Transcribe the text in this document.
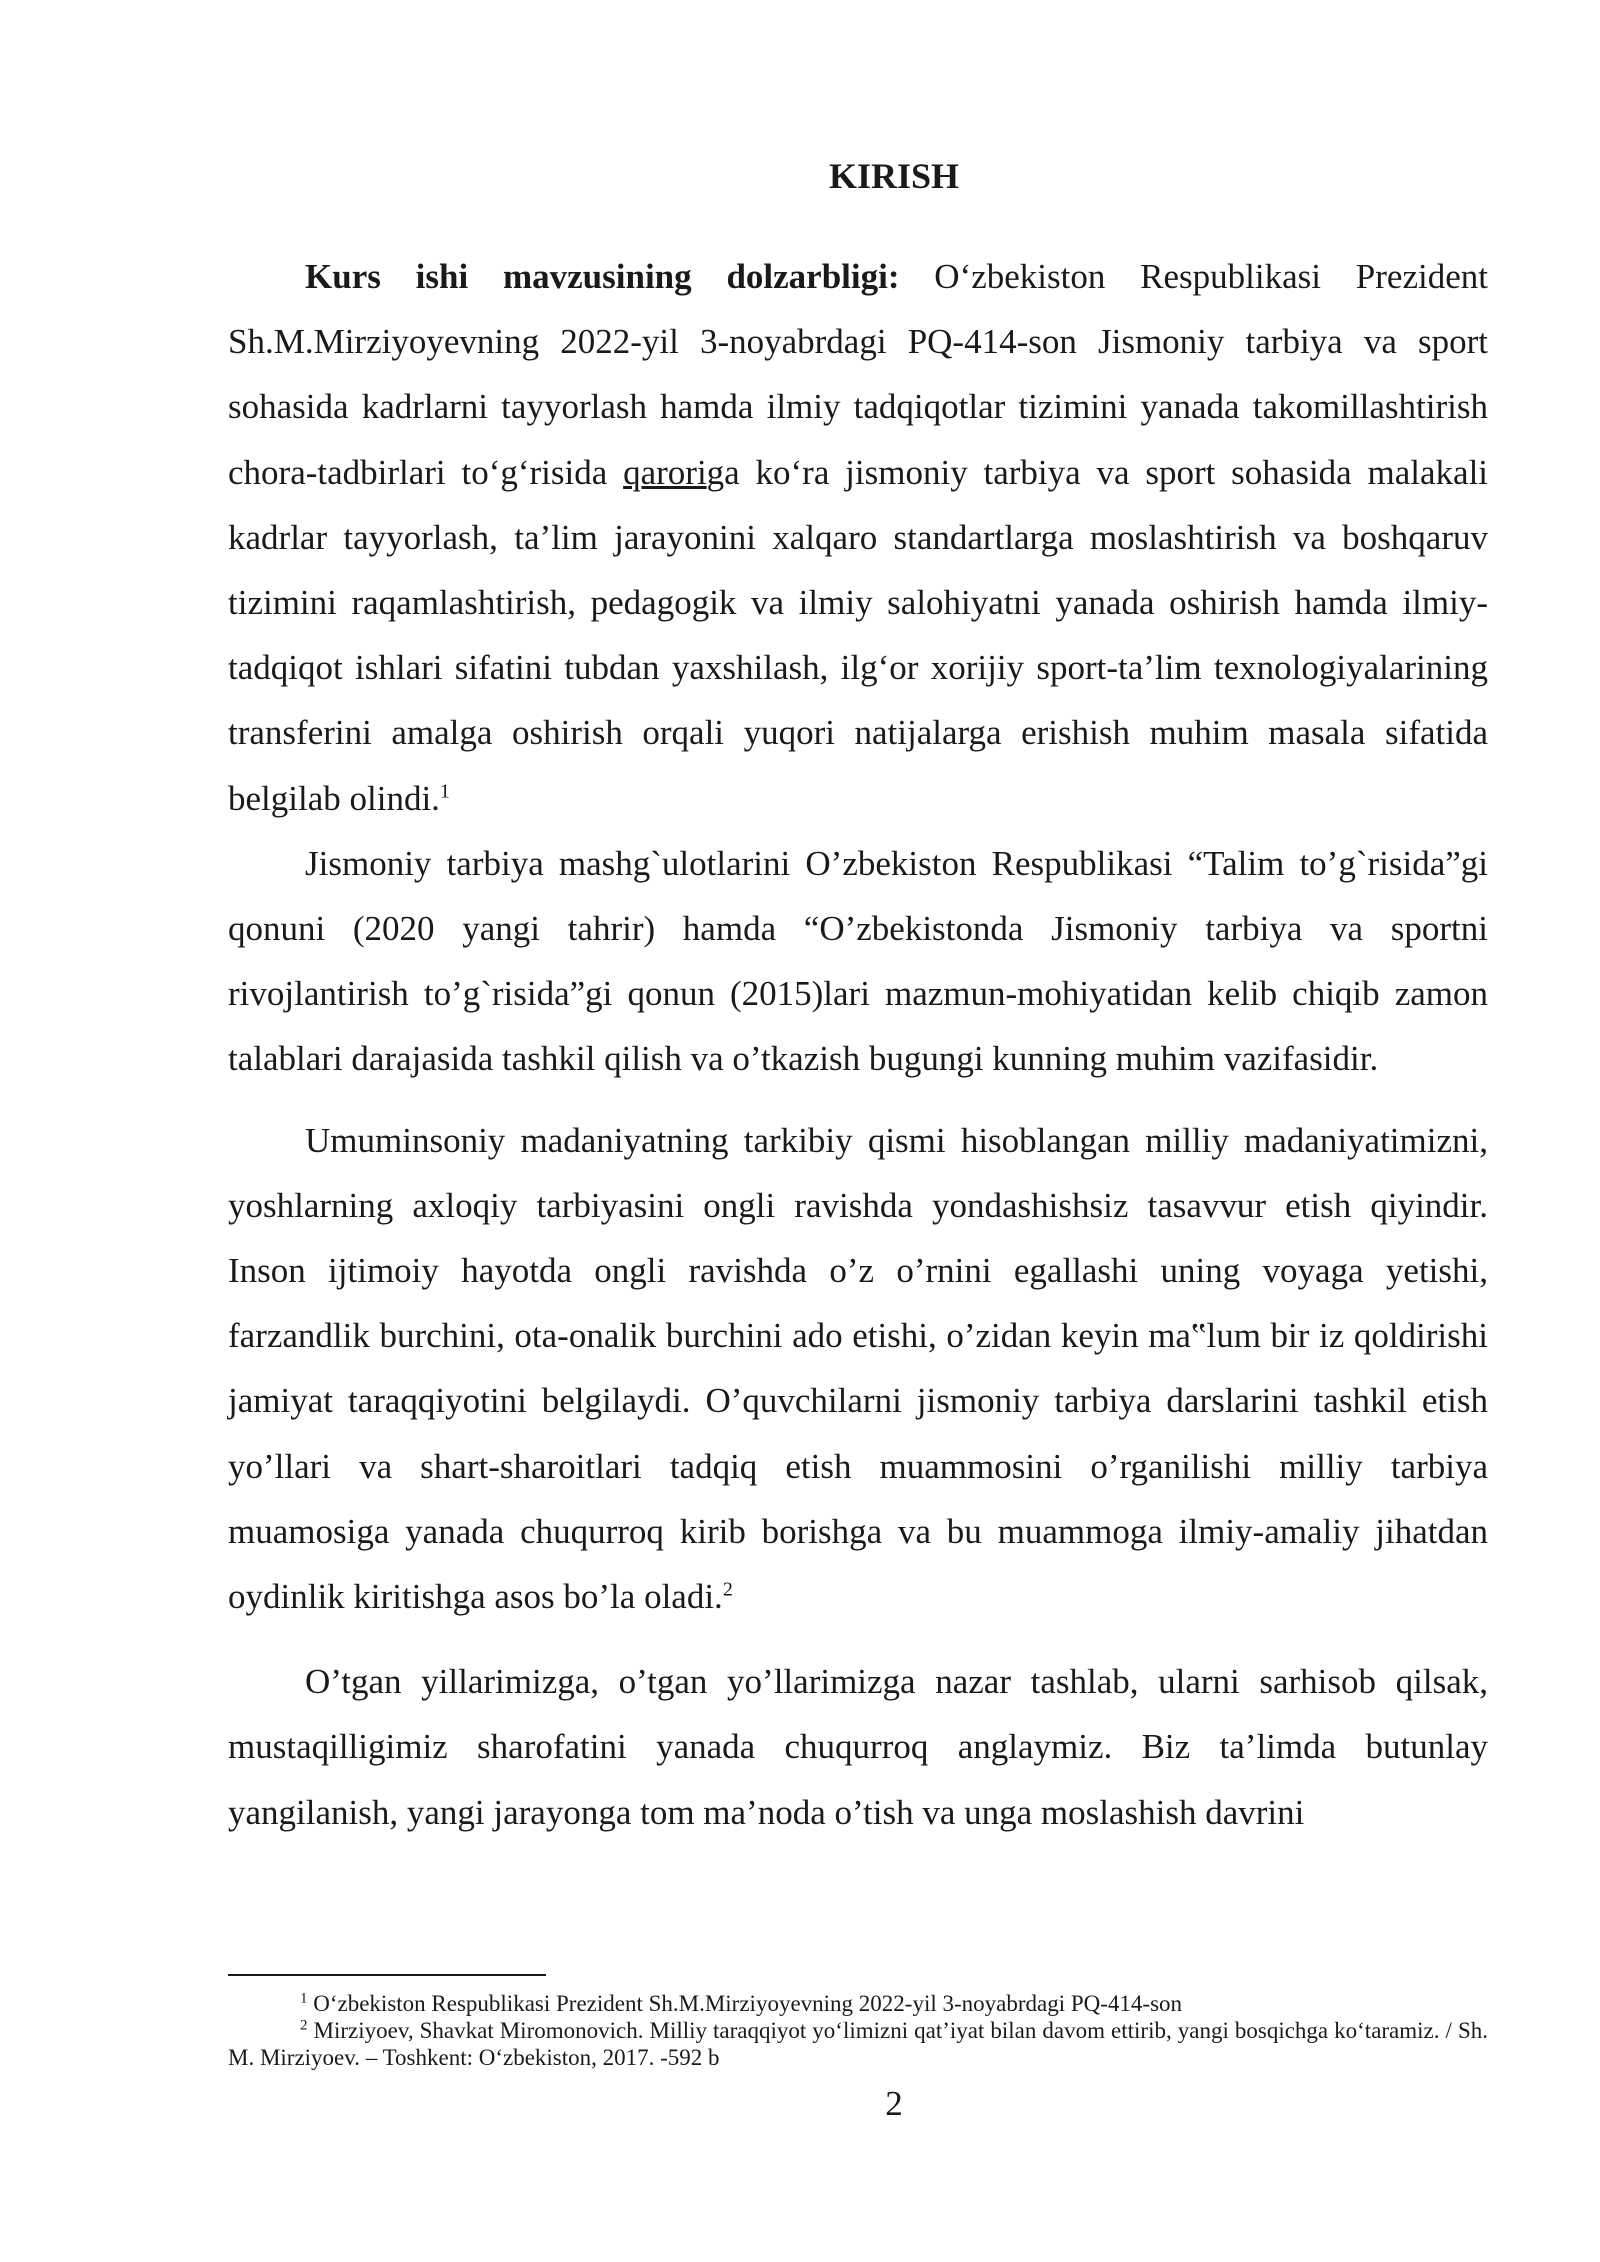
KIRISH

Kurs ishi mavzusining dolzarbligi: O‘zbekiston Respublikasi Prezident Sh.M.Mirziyoyevning 2022-yil 3-noyabrdagi PQ-414-son Jismoniy tarbiya va sport sohasida kadrlarni tayyorlash hamda ilmiy tadqiqotlar tizimini yanada takomillashtirish chora-tadbirlari to‘g‘risida qaroriga ko‘ra jismoniy tarbiya va sport sohasida malakali kadrlar tayyorlash, ta’lim jarayonini xalqaro standartlarga moslashtirish va boshqaruv tizimini raqamlashtirish, pedagogik va ilmiy salohiyatni yanada oshirish hamda ilmiy-tadqiqot ishlari sifatini tubdan yaxshilash, ilg‘or xorijiy sport-ta’lim texnologiyalarining transferini amalga oshirish orqali yuqori natijalarga erishish muhim masala sifatida belgilab olindi.$^1$

Jismoniy tarbiya mashg`ulotlarini O’zbekiston Respublikasi “Talim to’g`risida”gi qonuni (2020 yangi tahrir) hamda “O’zbekistonda Jismoniy tarbiya va sportni rivojlantirish to’g`risida”gi qonun (2015)lari mazmun-mohiyatidan kelib chiqib zamon talablari darajasida tashkil qilish va o’tkazish bugungi kunning muhim vazifasidir.

Umuminsoniy madaniyatning tarkibiy qismi hisoblangan milliy madaniyatimizni, yoshlarning axloqiy tarbiyasini ongli ravishda yondashishsiz tasavvur etish qiyindir. Inson ijtimoiy hayotda ongli ravishda o’z o’rnini egallashi uning voyaga yetishi, farzandlik burchini, ota-onalik burchini ado etishi, o’zidan keyin ma‟lum bir iz qoldirishi jamiyat taraqqiyotini belgilaydi. O’quvchilarni jismoniy tarbiya darslarini tashkil etish yo’llari va shart-sharoitlari tadqiq etish muammosini o’rganilishi milliy tarbiya muamosiga yanada chuqurroq kirib borishga va bu muammoga ilmiy-amaliy jihatdan oydinlik kiritishga asos bo’la oladi.$^2$

O’tgan yillarimizga, o’tgan yo’llarimizga nazar tashlab, ularni sarhisob qilsak, mustaqilligimiz sharofatini yanada chuqurroq anglaymiz. Biz ta’limda butunlay yangilanish, yangi jarayonga tom ma’noda o’tish va unga moslashish davrini

$^1$ O‘zbekiston Respublikasi Prezident Sh.M.Mirziyoyevning 2022-yil 3-noyabrdagi PQ-414-son

$^2$ Mirziyoev, Shavkat Miromonovich. Milliy taraqqiyot yo‘limizni qat’iyat bilan davom ettirib, yangi bosqichga ko‘taramiz. / Sh. M. Mirziyoev. – Toshkent: O‘zbekiston, 2017. -592 b

2
